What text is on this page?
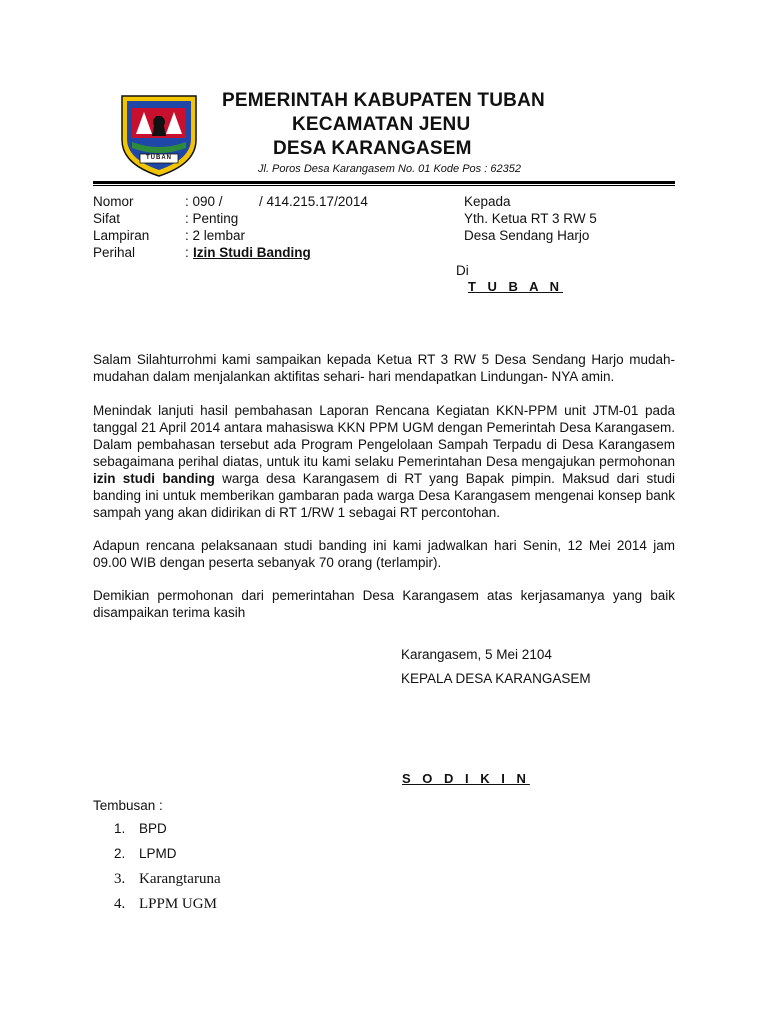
TUBAN
PEMERINTAH KABUPATEN TUBAN
KECAMATAN JENU
DESA KARANGASEM
Jl. Poros Desa Karangasem No. 01 Kode Pos : 62352
Nomor	: 090 /	/ 414.215.17/2014
Sifat	: Penting
Lampiran	: 2 lembar
Perihal	: Izin Studi Banding
Kepada
Yth. Ketua RT 3 RW 5
Desa Sendang Harjo
Di
T U B A N

Salam Silahturrohmi kami sampaikan kepada Ketua RT 3 RW 5 Desa Sendang Harjo mudah- mudahan dalam menjalankan aktifitas sehari- hari mendapatkan Lindungan- NYA amin.

Menindak lanjuti hasil pembahasan Laporan Rencana Kegiatan KKN-PPM unit JTM-01 pada tanggal 21 April 2014 antara mahasiswa KKN PPM UGM dengan Pemerintah Desa Karangasem. Dalam pembahasan tersebut ada Program Pengelolaan Sampah Terpadu di Desa Karangasem sebagaimana perihal diatas, untuk itu kami selaku Pemerintahan Desa mengajukan permohonan izin studi banding warga desa Karangasem di RT yang Bapak pimpin. Maksud dari studi banding ini untuk memberikan gambaran pada warga Desa Karangasem mengenai konsep bank sampah yang akan didirikan di RT 1/RW 1 sebagai RT percontohan.

Adapun rencana pelaksanaan studi banding ini kami jadwalkan hari Senin, 12 Mei 2014 jam 09.00 WIB dengan peserta sebanyak 70 orang (terlampir).

Demikian permohonan dari pemerintahan Desa Karangasem atas kerjasamanya yang baik disampaikan terima kasih

Karangasem, 5 Mei 2104
KEPALA DESA KARANGASEM
S O D I K I N
Tembusan :
1. BPD
2. LPMD
3. Karangtaruna
4. LPPM UGM
